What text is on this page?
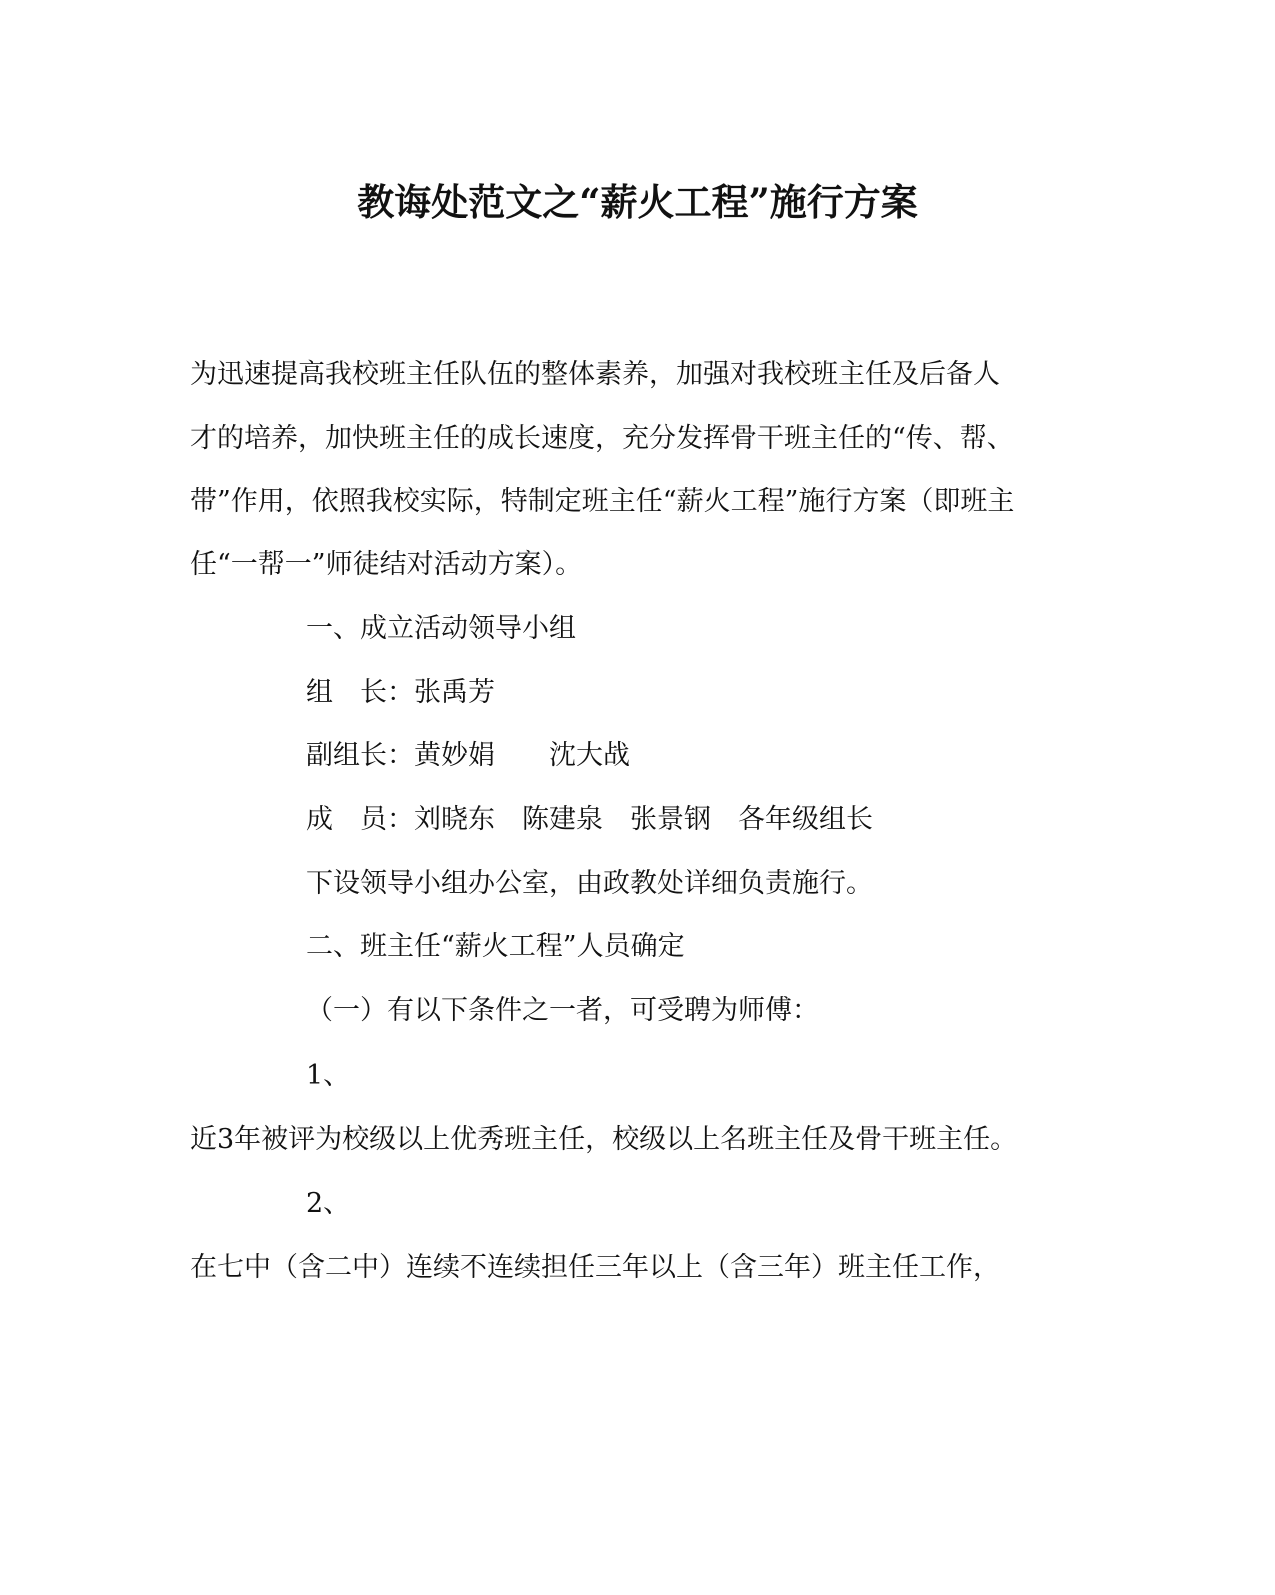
教诲处范文之“薪火工程”施行方案
为迅速提高我校班主任队伍的整体素养，加强对我校班主任及后备人
才的培养，加快班主任的成长速度，充分发挥骨干班主任的“传、帮、
带”作用，依照我校实际，特制定班主任“薪火工程”施行方案（即班主
任“一帮一”师徒结对活动方案）。
一、成立活动领导小组
组　长：张禹芳
副组长：黄妙娟　　沈大战
成　员：刘晓东　陈建泉　张景钢　各年级组长
下设领导小组办公室，由政教处详细负责施行。
二、班主任“薪火工程”人员确定
（一）有以下条件之一者，可受聘为师傅：
1、
近3年被评为校级以上优秀班主任，校级以上名班主任及骨干班主任。
2、
在七中（含二中）连续不连续担任三年以上（含三年）班主任工作，
